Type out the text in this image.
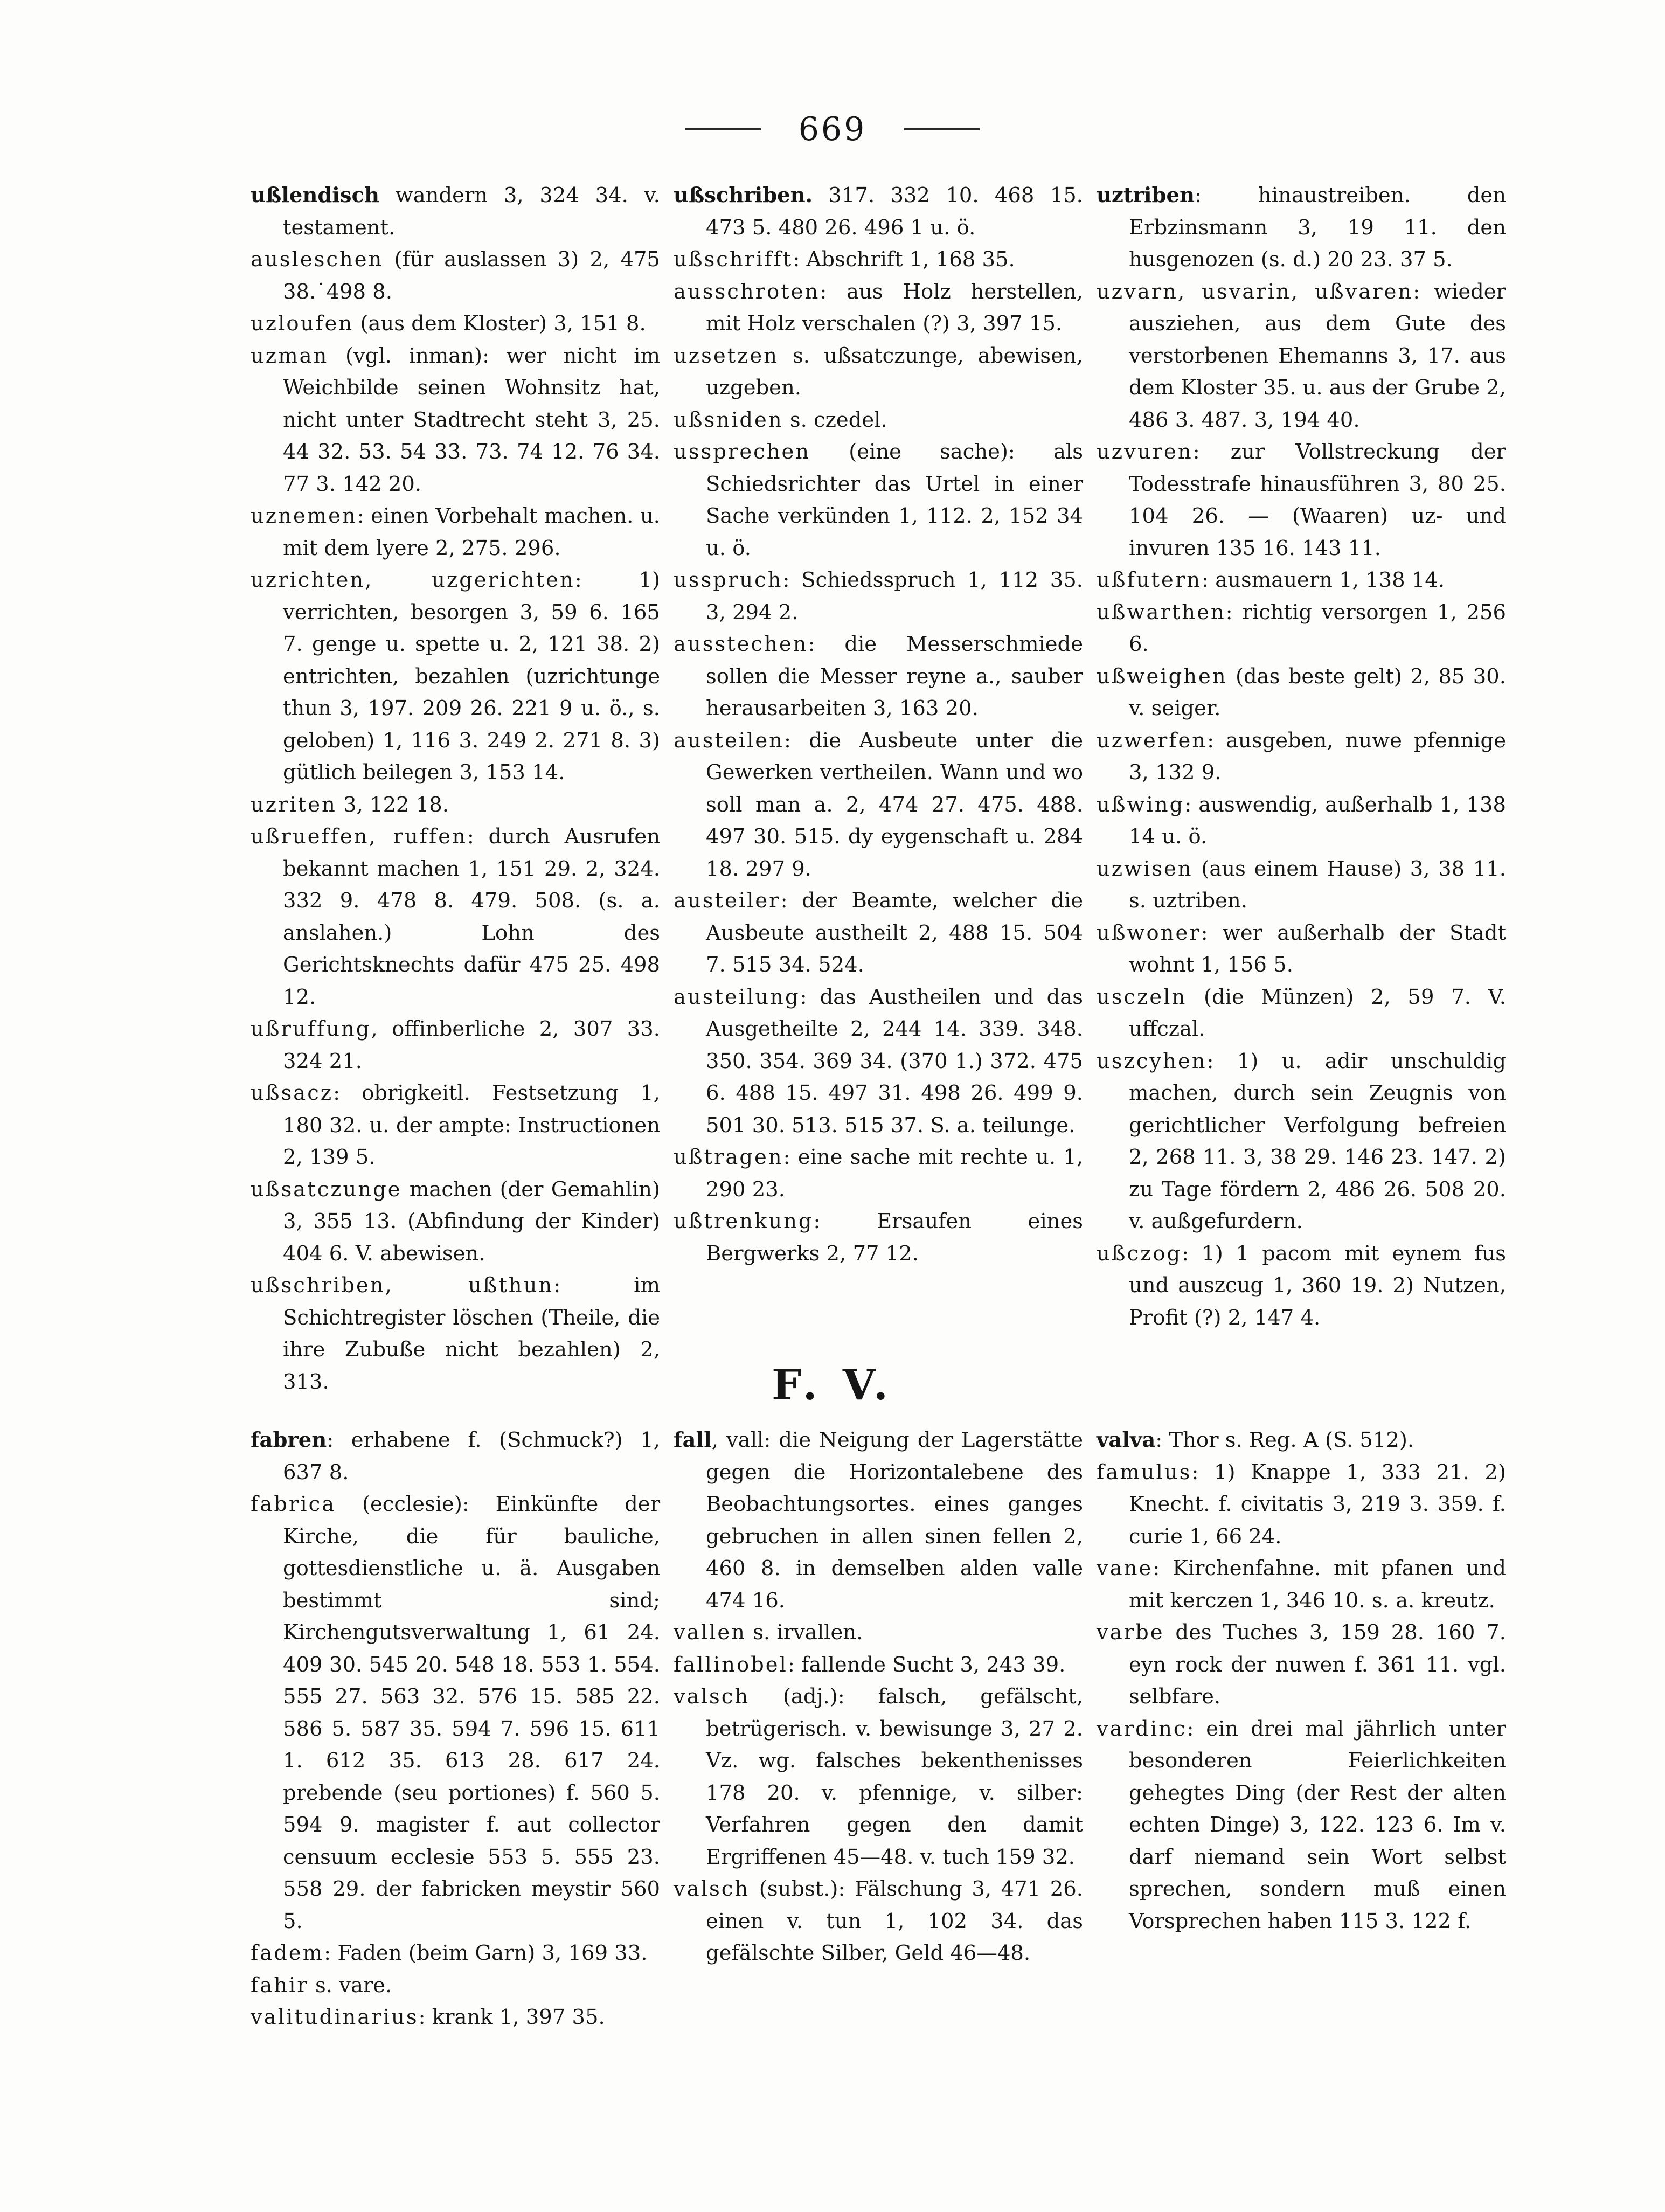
669

ußlendisch wandern 3, 324 34. v. testament.

ausleschen (für auslassen 3) 2, 475 38.˙498 8.

uzloufen (aus dem Kloster) 3, 151 8.

uzman (vgl. inman): wer nicht im Weichbilde seinen Wohnsitz hat, nicht unter Stadtrecht steht 3, 25. 44 32. 53. 54 33. 73. 74 12. 76 34. 77 3. 142 20.

uznemen: einen Vorbehalt machen. u. mit dem lyere 2, 275. 296.

uzrichten, uzgerichten: 1) verrichten, besorgen 3, 59 6. 165 7. genge u. spette u. 2, 121 38. 2) entrichten, bezahlen (uzrichtunge thun 3, 197. 209 26. 221 9 u. ö., s. geloben) 1, 116 3. 249 2. 271 8. 3) gütlich beilegen 3, 153 14.

uzriten 3, 122 18.

ußrueffen, ruffen: durch Ausrufen bekannt machen 1, 151 29. 2, 324. 332 9. 478 8. 479. 508. (s. a. anslahen.) Lohn des Gerichtsknechts dafür 475 25. 498 12.

ußruffung, offinberliche 2, 307 33. 324 21.

ußsacz: obrigkeitl. Festsetzung 1, 180 32. u. der ampte: Instructionen 2, 139 5.

ußsatczunge machen (der Gemahlin) 3, 355 13. (Abfindung der Kinder) 404 6. V. abewisen.

ußschriben, ußthun: im Schichtregister löschen (Theile, die ihre Zubuße nicht bezahlen) 2, 313.

ußschriben. 317. 332 10. 468 15. 473 5. 480 26. 496 1 u. ö.

ußschrifft: Abschrift 1, 168 35.

ausschroten: aus Holz herstellen, mit Holz verschalen (?) 3, 397 15.

uzsetzen s. ußsatczunge, abewisen, uzgeben.

ußsniden s. czedel.

ussprechen (eine sache): als Schiedsrichter das Urtel in einer Sache verkünden 1, 112. 2, 152 34 u. ö.

usspruch: Schiedsspruch 1, 112 35. 3, 294 2.

ausstechen: die Messerschmiede sollen die Messer reyne a., sauber herausarbeiten 3, 163 20.

austeilen: die Ausbeute unter die Gewerken vertheilen. Wann und wo soll man a. 2, 474 27. 475. 488. 497 30. 515. dy eygenschaft u. 284 18. 297 9.

austeiler: der Beamte, welcher die Ausbeute austheilt 2, 488 15. 504 7. 515 34. 524.

austeilung: das Austheilen und das Ausgetheilte 2, 244 14. 339. 348. 350. 354. 369 34. (370 1.) 372. 475 6. 488 15. 497 31. 498 26. 499 9. 501 30. 513. 515 37. S. a. teilunge.

ußtragen: eine sache mit rechte u. 1, 290 23.

ußtrenkung: Ersaufen eines Bergwerks 2, 77 12.

uztriben: hinaustreiben. den Erbzinsmann 3, 19 11. den husgenozen (s. d.) 20 23. 37 5.

uzvarn, usvarin, ußvaren: wieder ausziehen, aus dem Gute des verstorbenen Ehemanns 3, 17. aus dem Kloster 35. u. aus der Grube 2, 486 3. 487. 3, 194 40.

uzvuren: zur Vollstreckung der Todesstrafe hinausführen 3, 80 25. 104 26. — (Waaren) uz- und invuren 135 16. 143 11.

ußfutern: ausmauern 1, 138 14.

ußwarthen: richtig versorgen 1, 256 6.

ußweighen (das beste gelt) 2, 85 30. v. seiger.

uzwerfen: ausgeben, nuwe pfennige 3, 132 9.

ußwing: auswendig, außerhalb 1, 138 14 u. ö.

uzwisen (aus einem Hause) 3, 38 11. s. uztriben.

ußwoner: wer außerhalb der Stadt wohnt 1, 156 5.

usczeln (die Münzen) 2, 59 7. V. uffczal.

uszcyhen: 1) u. adir unschuldig machen, durch sein Zeugnis von gerichtlicher Verfolgung befreien 2, 268 11. 3, 38 29. 146 23. 147. 2) zu Tage fördern 2, 486 26. 508 20. v. außgefurdern.

ußczog: 1) 1 pacom mit eynem fus und auszcug 1, 360 19. 2) Nutzen, Profit (?) 2, 147 4.

F. V.

fabren: erhabene f. (Schmuck?) 1, 637 8.

fabrica (ecclesie): Einkünfte der Kirche, die für bauliche, gottesdienstliche u. ä. Ausgaben bestimmt sind; Kirchengutsverwaltung 1, 61 24. 409 30. 545 20. 548 18. 553 1. 554. 555 27. 563 32. 576 15. 585 22. 586 5. 587 35. 594 7. 596 15. 611 1. 612 35. 613 28. 617 24. prebende (seu portiones) f. 560 5. 594 9. magister f. aut collector censuum ecclesie 553 5. 555 23. 558 29. der fabricken meystir 560 5.

fadem: Faden (beim Garn) 3, 169 33.

fahir s. vare.

valitudinarius: krank 1, 397 35.

fall, vall: die Neigung der Lagerstätte gegen die Horizontalebene des Beobachtungsortes. eines ganges gebruchen in allen sinen fellen 2, 460 8. in demselben alden valle 474 16.

vallen s. irvallen.

fallinobel: fallende Sucht 3, 243 39.

valsch (adj.): falsch, gefälscht, betrügerisch. v. bewisunge 3, 27 2. Vz. wg. falsches bekenthenisses 178 20. v. pfennige, v. silber: Verfahren gegen den damit Ergriffenen 45—48. v. tuch 159 32.

valsch (subst.): Fälschung 3, 471 26. einen v. tun 1, 102 34. das gefälschte Silber, Geld 46—48.

valva: Thor s. Reg. A (S. 512).

famulus: 1) Knappe 1, 333 21. 2) Knecht. f. civitatis 3, 219 3. 359. f. curie 1, 66 24.

vane: Kirchenfahne. mit pfanen und mit kerczen 1, 346 10. s. a. kreutz.

varbe des Tuches 3, 159 28. 160 7. eyn rock der nuwen f. 361 11. vgl. selbfare.

vardinc: ein drei mal jährlich unter besonderen Feierlichkeiten gehegtes Ding (der Rest der alten echten Dinge) 3, 122. 123 6. Im v. darf niemand sein Wort selbst sprechen, sondern muß einen Vorsprechen haben 115 3. 122 f.
